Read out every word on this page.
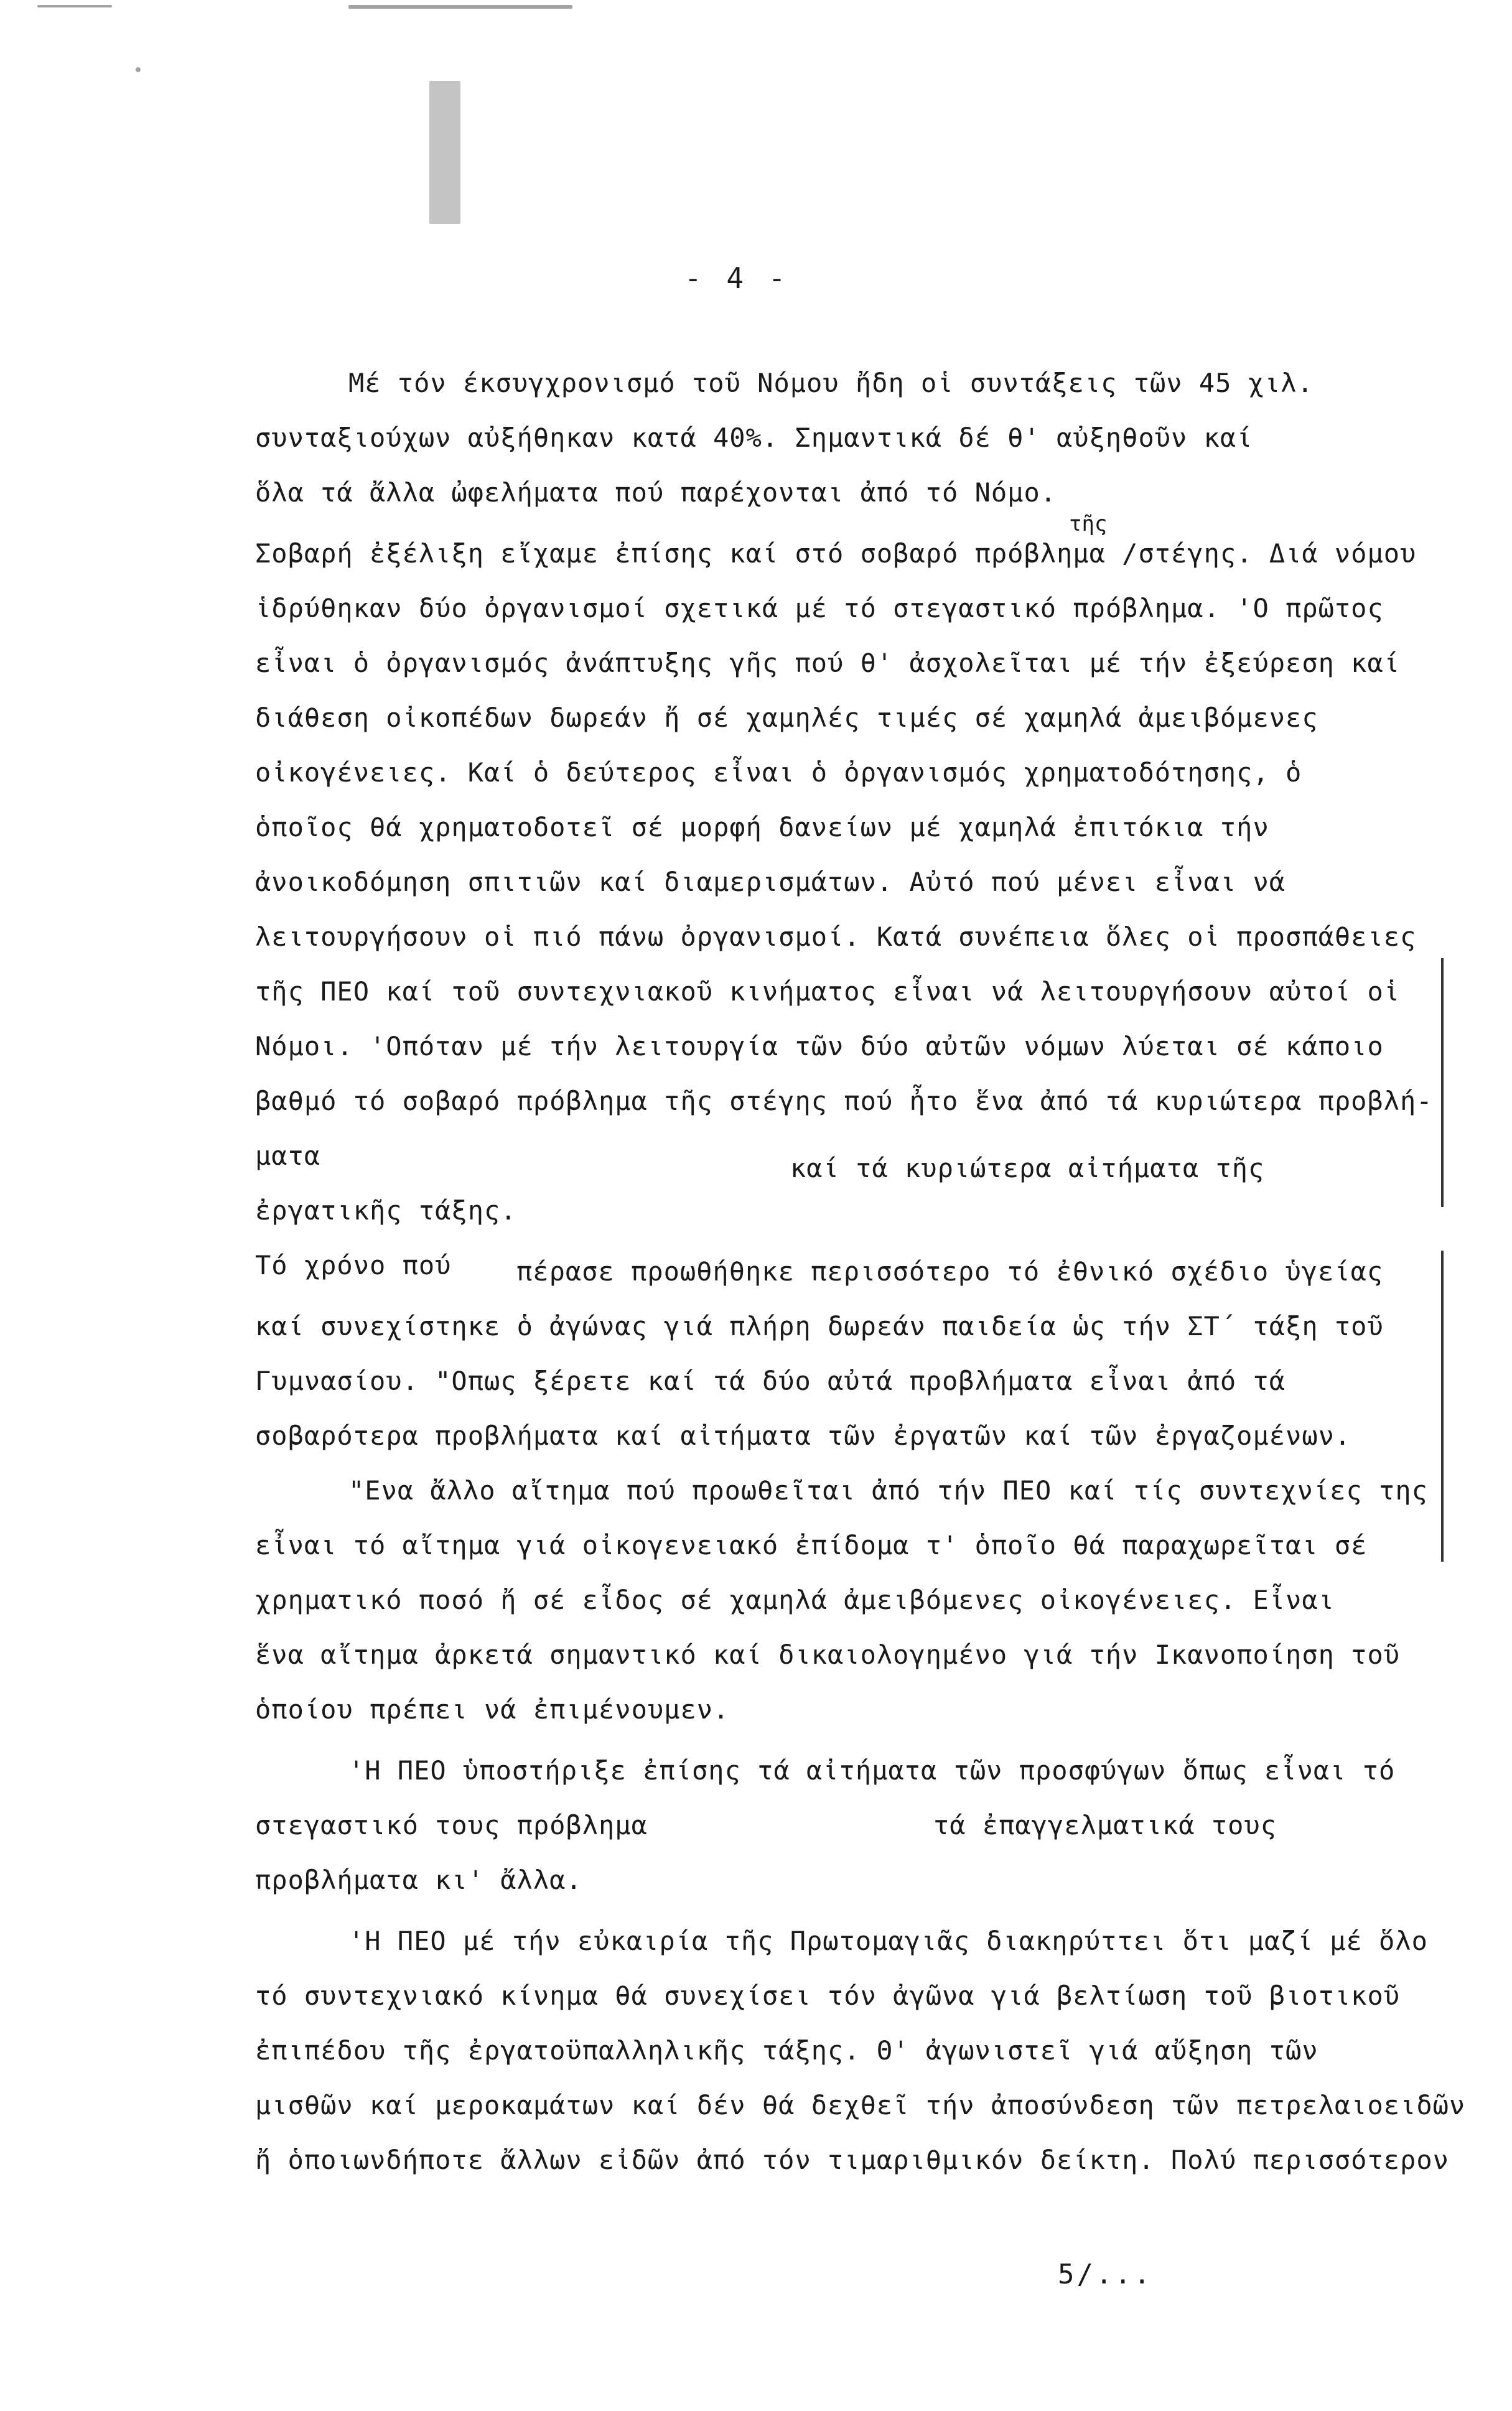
- 4 -
Μέ τόν έκσυγχρονισμό τοῦ Νόμου ἤδη οἱ συντάξεις τῶν 45 χιλ.
συνταξιούχων αὐξήθηκαν κατά 40%. Σημαντικά δέ θ' αὐξηθοῦν καί
ὅλα τά ἄλλα ὠφελήματα πού παρέχονται ἀπό τό Νόμο.
τῆς
Σοβαρή ἐξέλιξη εἴχαμε ἐπίσης καί στό σοβαρό πρόβλημα /στέγης. Διά νόμου
ἱδρύθηκαν δύο ὀργανισμοί σχετικά μέ τό στεγαστικό πρόβλημα. 'Ο πρῶτος
εἶναι ὁ ὀργανισμός ἀνάπτυξης γῆς πού θ' ἀσχολεῖται μέ τήν ἐξεύρεση καί
διάθεση οἰκοπέδων δωρεάν ἤ σέ χαμηλές τιμές σέ χαμηλά ἀμειβόμενες
οἰκογένειες. Καί ὁ δεύτερος εἶναι ὁ ὀργανισμός χρηματοδότησης, ὁ
ὁποῖος θά χρηματοδοτεῖ σέ μορφή δανείων μέ χαμηλά ἐπιτόκια τήν
ἀνοικοδόμηση σπιτιῶν καί διαμερισμάτων. Αὐτό πού μένει εἶναι νά
λειτουργήσουν οἱ πιό πάνω ὀργανισμοί. Κατά συνέπεια ὅλες οἱ προσπάθειες
τῆς ΠΕΟ καί τοῦ συντεχνιακοῦ κινήματος εἶναι νά λειτουργήσουν αὐτοί οἱ
Νόμοι. 'Οπόταν μέ τήν λειτουργία τῶν δύο αὐτῶν νόμων λύεται σέ κάποιο
βαθμό τό σοβαρό πρόβλημα τῆς στέγης πού ἦτο ἕνα ἀπό τά κυριώτερα προβλή-
ματα	καί τά κυριώτερα αἰτήματα τῆς
ἐργατικῆς τάξης.
Τό χρόνο πού πέρασε προωθήθηκε περισσότερο τό ἐθνικό σχέδιο ὑγείας
καί συνεχίστηκε ὁ ἀγώνας γιά πλήρη δωρεάν παιδεία ὡς τήν ΣΤ΄ τάξη τοῦ
Γυμνασίου. "Οπως ξέρετε καί τά δύο αὐτά προβλήματα εἶναι ἀπό τά
σοβαρότερα προβλήματα καί αἰτήματα τῶν ἐργατῶν καί τῶν ἐργαζομένων.
"Ενα ἄλλο αἴτημα πού προωθεῖται ἀπό τήν ΠΕΟ καί τίς συντεχνίες της
εἶναι τό αἴτημα γιά οἰκογενειακό ἐπίδομα τ' ὁποῖο θά παραχωρεῖται σέ
χρηματικό ποσό ἤ σέ εἶδος σέ χαμηλά ἀμειβόμενες οἰκογένειες. Εἶναι
ἕνα αἴτημα ἀρκετά σημαντικό καί δικαιολογημένο γιά τήν Ικανοποίηση τοῦ
ὁποίου πρέπει νά ἐπιμένουμεν.
'Η ΠΕΟ ὑποστήριξε ἐπίσης τά αἰτήματα τῶν προσφύγων ὅπως εἶναι τό
στεγαστικό τους πρόβλημα	τά ἐπαγγελματικά τους
προβλήματα κι' ἄλλα.
'Η ΠΕΟ μέ τήν εὐκαιρία τῆς Πρωτομαγιᾶς διακηρύττει ὅτι μαζί μέ ὅλο
τό συντεχνιακό κίνημα θά συνεχίσει τόν ἀγῶνα γιά βελτίωση τοῦ βιοτικοῦ
ἐπιπέδου τῆς ἐργατοϋπαλληλικῆς τάξης. Θ' ἀγωνιστεῖ γιά αὔξηση τῶν
μισθῶν καί μεροκαμάτων καί δέν θά δεχθεῖ τήν ἀποσύνδεση τῶν πετρελαιοειδῶν
ἤ ὁποιωνδήποτε ἄλλων εἰδῶν ἀπό τόν τιμαριθμικόν δείκτη. Πολύ περισσότερον
5/...
